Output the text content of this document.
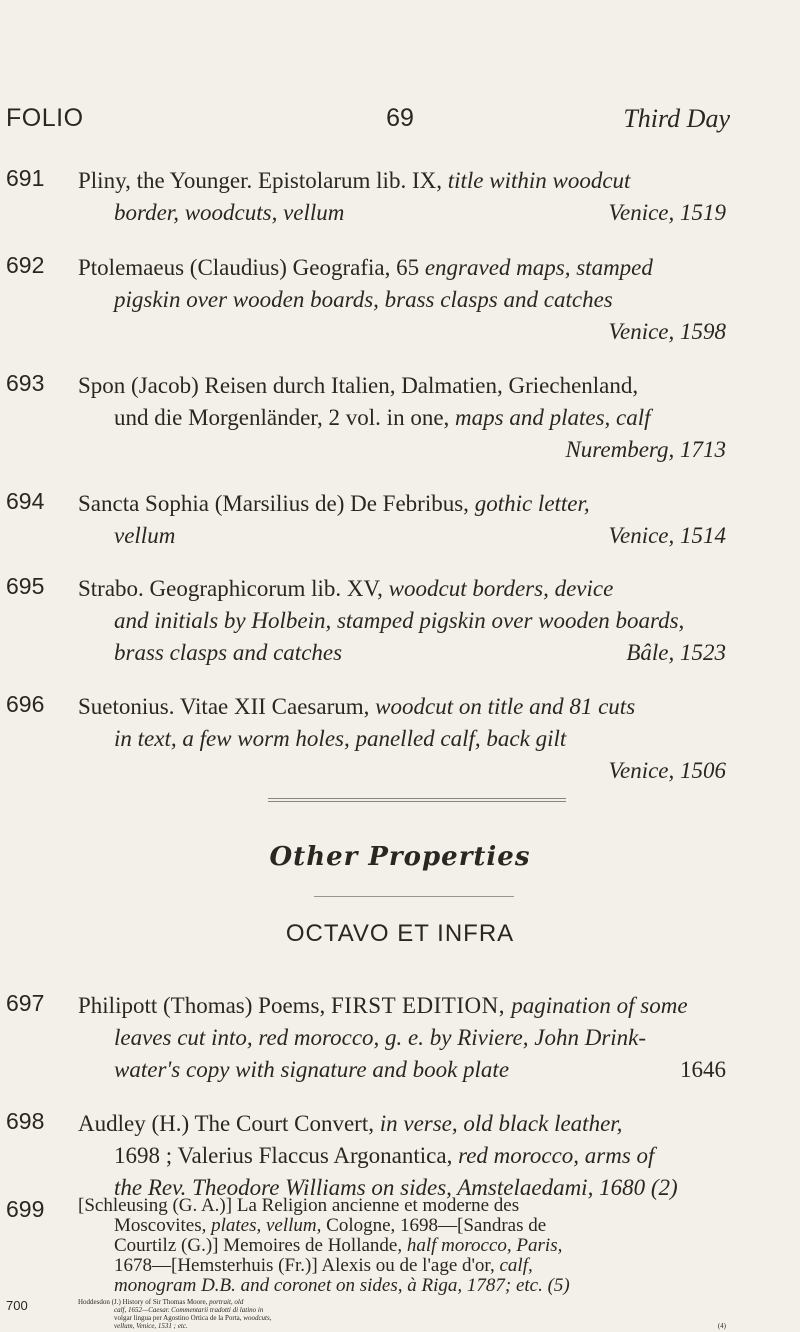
FOLIO	69	Third Day
691 Pliny, the Younger. Epistolarum lib. IX, title within woodcut
border, woodcuts, vellum	Venice, 1519
692 Ptolemaeus (Claudius) Geografia, 65 engraved maps, stamped
pigskin over wooden boards, brass clasps and catches
Venice, 1598
693 Spon (Jacob) Reisen durch Italien, Dalmatien, Griechenland,
und die Morgenländer, 2 vol. in one, maps and plates, calf
Nuremberg, 1713
694 Sancta Sophia (Marsilius de) De Febribus, gothic letter,
vellum	Venice, 1514
695 Strabo. Geographicorum lib. XV, woodcut borders, device
and initials by Holbein, stamped pigskin over wooden boards,
brass clasps and catches	Bâle, 1523
696 Suetonius. Vitae XII Caesarum, woodcut on title and 81 cuts
in text, a few worm holes, panelled calf, back gilt
Venice, 1506
Other Properties
OCTAVO ET INFRA
697 Philipott (Thomas) Poems, FIRST EDITION, pagination of some
leaves cut into, red morocco, g. e. by Riviere, John Drink-
water's copy with signature and book plate	1646
698 Audley (H.) The Court Convert, in verse, old black leather,
1698 ; Valerius Flaccus Argonantica, red morocco, arms of
the Rev. Theodore Williams on sides, Amstelaedami, 1680 (2)
699 [Schleusing (G. A.)] La Religion ancienne et moderne des
Moscovites, plates, vellum, Cologne, 1698—[Sandras de
Courtilz (G.)] Memoires de Hollande, half morocco, Paris,
1678—[Hemsterhuis (Fr.)] Alexis ou de l'age d'or, calf,
monogram D.B. and coronet on sides, à Riga, 1787; etc. (5)
700	Hoddesdon (J.) History of Sir Thomas Moore, portrait, old
calf, 1652—Caesar. Commentarii tradotti di latino in
volgar lingua per Agostino Ortica de la Porta, woodcuts,
vellum, Venice, 1531 ; etc.	(4)
